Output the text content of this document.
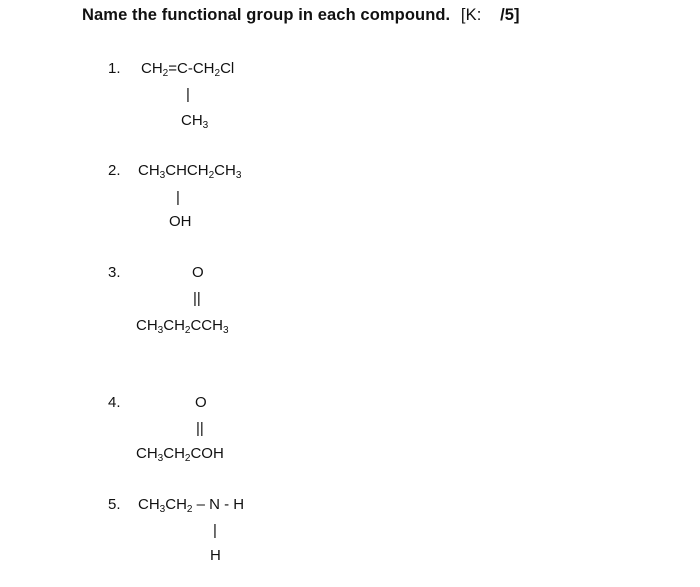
Name the functional group in each compound. [K: /5]
1. $CH_2=C-CH_2Cl$
|
$CH_3$
2. $CH_3CHCH_2CH_3$
|
OH
3.	O
||
$CH_3CH_2CCH_3$
4.	O
||
$CH_3CH_2COH$
5. $CH_3CH_2$ – N - H
|
H
